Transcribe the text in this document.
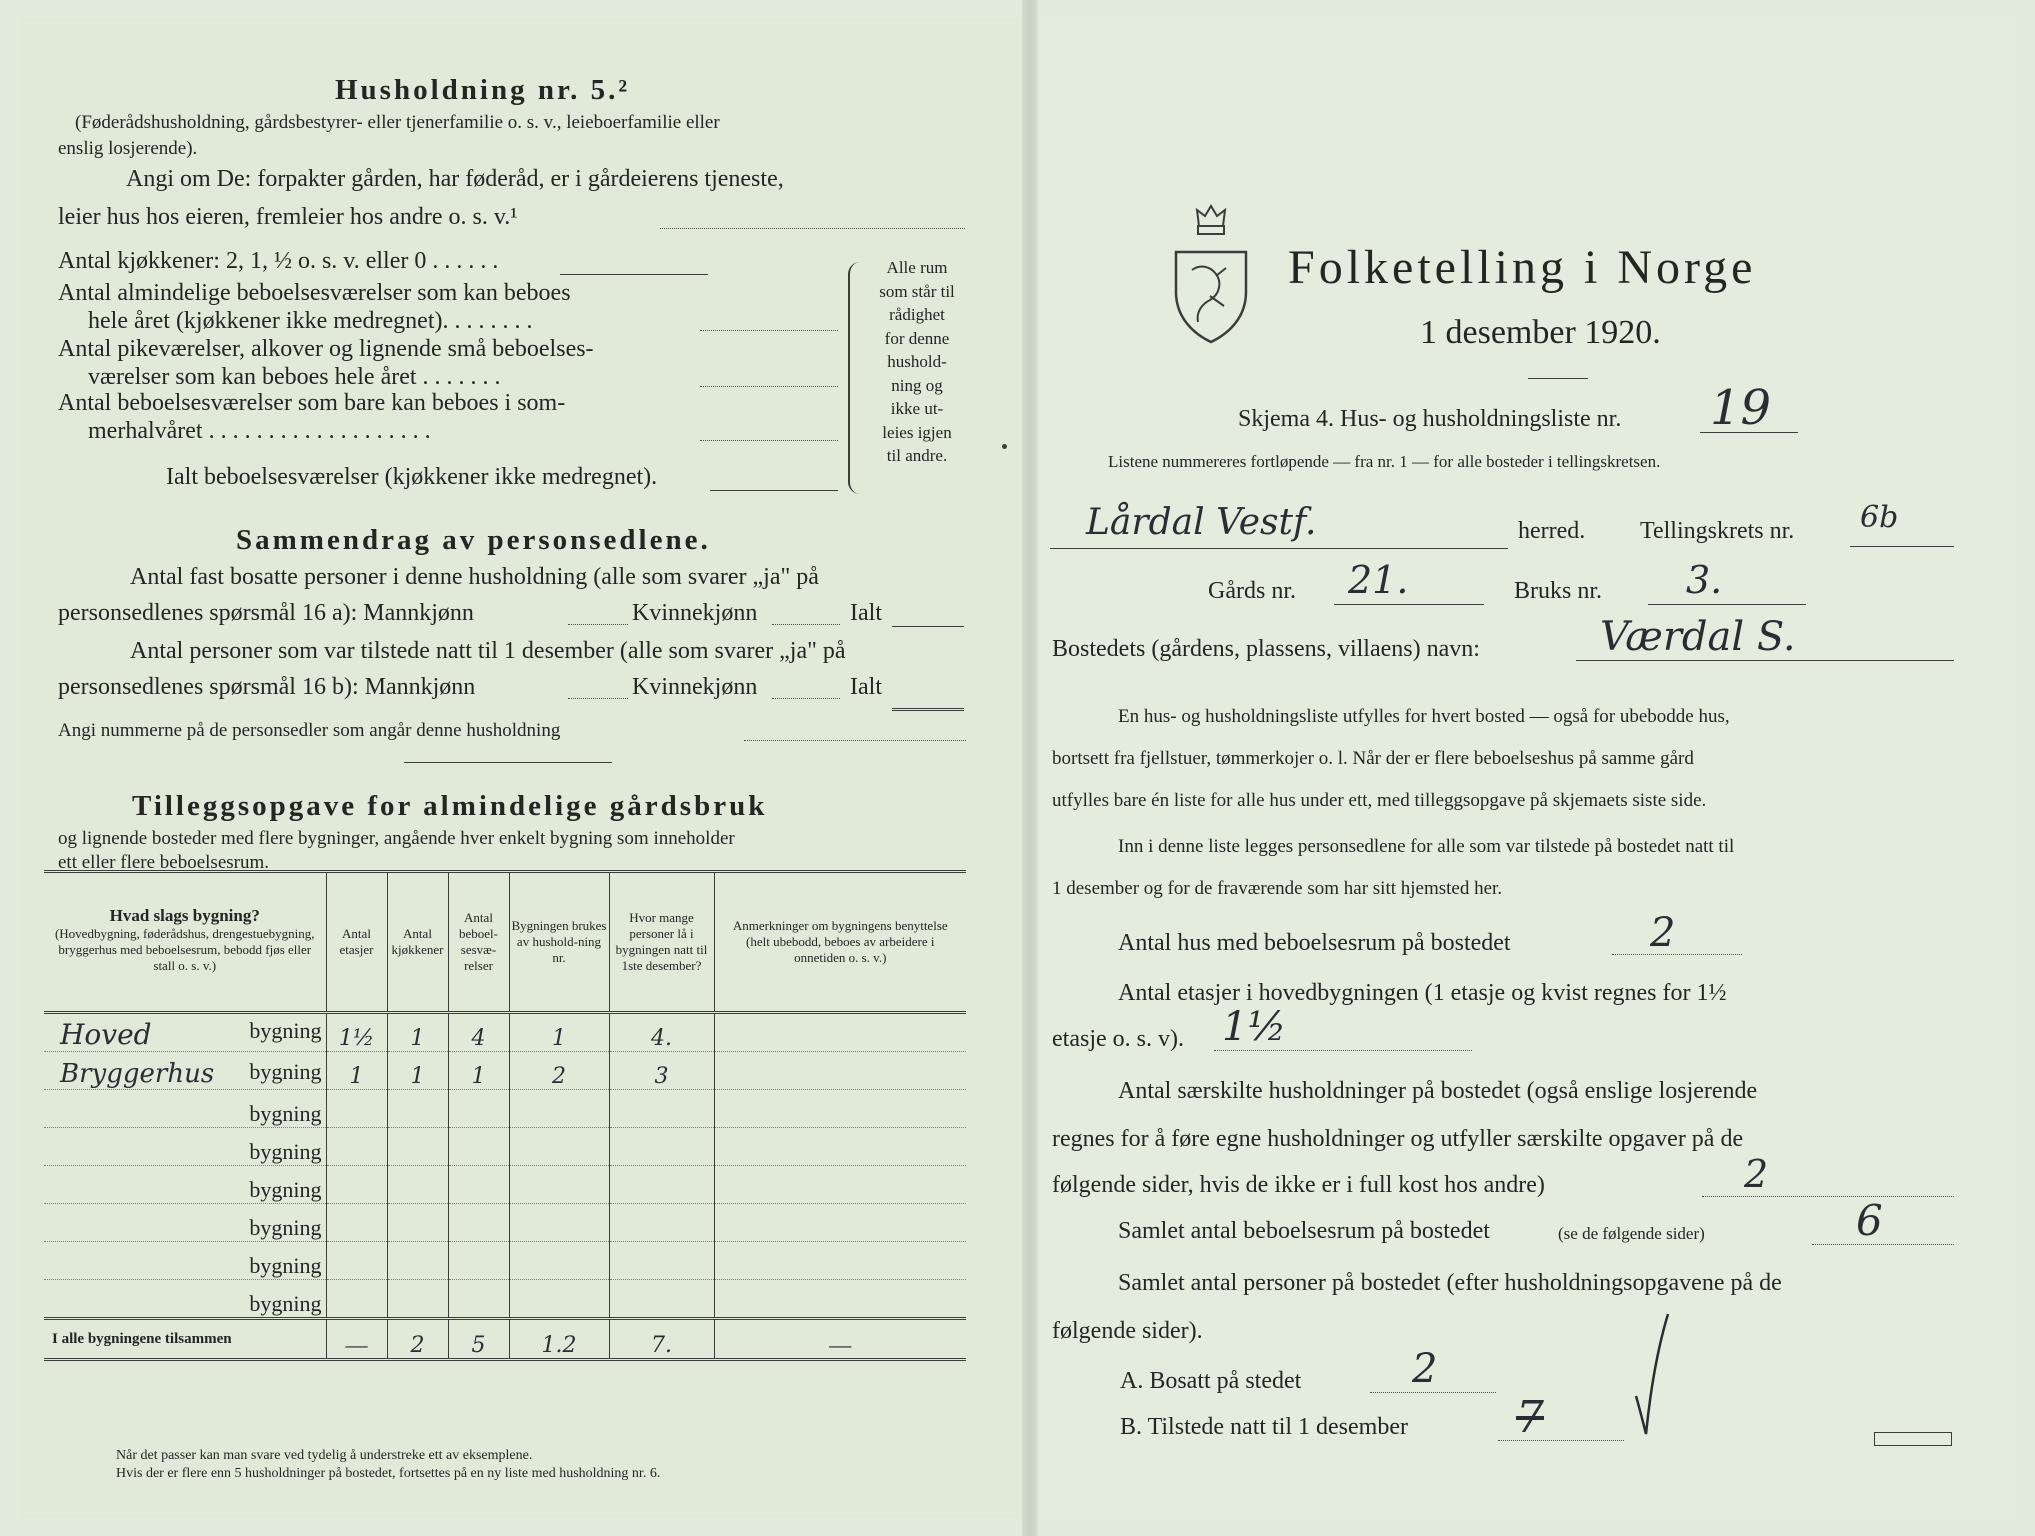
Husholdning nr. 5.²
(Føderådshusholdning, gårdsbestyrer- eller tjenerfamilie o. s. v., leieboerfamilie eller
enslig losjerende).
Angi om De: forpakter gården, har føderåd, er i gårdeierens tjeneste,
leier hus hos eieren, fremleier hos andre o. s. v.¹
Antal kjøkkener: 2, 1, ½ o. s. v. eller 0 . . . . . .
Antal almindelige beboelsesværelser som kan beboes
hele året (kjøkkener ikke medregnet). . . . . . . .
Antal pikeværelser, alkover og lignende små beboelses-
værelser som kan beboes hele året . . . . . . .
Antal beboelsesværelser som bare kan beboes i som-
merhalvåret . . . . . . . . . . . . . . . . . . .
Ialt beboelsesværelser (kjøkkener ikke medregnet).
Alle rum
som står til
rådighet
for denne
hushold-
ning og
ikke ut-
leies igjen
til andre.
Sammendrag av personsedlene.
Antal fast bosatte personer i denne husholdning (alle som svarer „ja" på
personsedlenes spørsmål 16 a): Mannkjønn	Kvinnekjønn	Ialt
Antal personer som var tilstede natt til 1 desember (alle som svarer „ja" på
personsedlenes spørsmål 16 b): Mannkjønn	Kvinnekjønn	Ialt
Angi nummerne på de personsedler som angår denne husholdning
Tilleggsopgave for almindelige gårdsbruk
og lignende bosteder med flere bygninger, angående hver enkelt bygning som inneholder
ett eller flere beboelsesrum.
Hvad slags bygning?
(Hovedbygning, føderådshus, drengestuebygning, bryggerhus med beboelsesrum, bebodd fjøs eller stall o. s. v.)	Antal etasjer	Antal kjøkkener	Antal beboel-sesvæ-relser	Bygningen brukes av hushold-ning nr.	Hvor mange personer lå i bygningen natt til 1ste desember?	Anmerkninger om bygningens benyttelse (helt ubebodd, beboes av arbeidere i onnetiden o. s. v.)

Hoved bygning	1½	1	4	1	4.	

Bryggerhus bygning	1	1	1	2	3	
bygning						
bygning						
bygning						
bygning						
bygning						
bygning						
I alle bygningene tilsammen	—	2	5	1.2	7.	—
Når det passer kan man svare ved tydelig å understreke ett av eksemplene.
Hvis der er flere enn 5 husholdninger på bostedet, fortsettes på en ny liste med husholdning nr. 6.
Folketelling i Norge
1 desember 1920.
Skjema 4. Hus- og husholdningsliste nr. 19
Listene nummereres fortløpende — fra nr. 1 — for alle bosteder i tellingskretsen.
Lårdal Vestf.	herred. Tellingskrets nr. 6b
Gårds nr. 21.	Bruks nr. 3.
Bostedets (gårdens, plassens, villaens) navn:	Værdal S.
En hus- og husholdningsliste utfylles for hvert bosted — også for ubebodde hus,
bortsett fra fjellstuer, tømmerkojer o. l. Når der er flere beboelseshus på samme gård
utfylles bare én liste for alle hus under ett, med tilleggsopgave på skjemaets siste side.
Inn i denne liste legges personsedlene for alle som var tilstede på bostedet natt til
1 desember og for de fraværende som har sitt hjemsted her.
Antal hus med beboelsesrum på bostedet	2
Antal etasjer i hovedbygningen (1 etasje og kvist regnes for 1½
etasje o. s. v). 1½
Antal særskilte husholdninger på bostedet (også enslige losjerende
regnes for å føre egne husholdninger og utfyller særskilte opgaver på de
følgende sider, hvis de ikke er i full kost hos andre)	2
Samlet antal beboelsesrum på bostedet	(se de følgende sider)	6
Samlet antal personer på bostedet (efter husholdningsopgavene på de
følgende sider).
A. Bosatt på stedet	2
B. Tilstede natt til 1 desember 7
